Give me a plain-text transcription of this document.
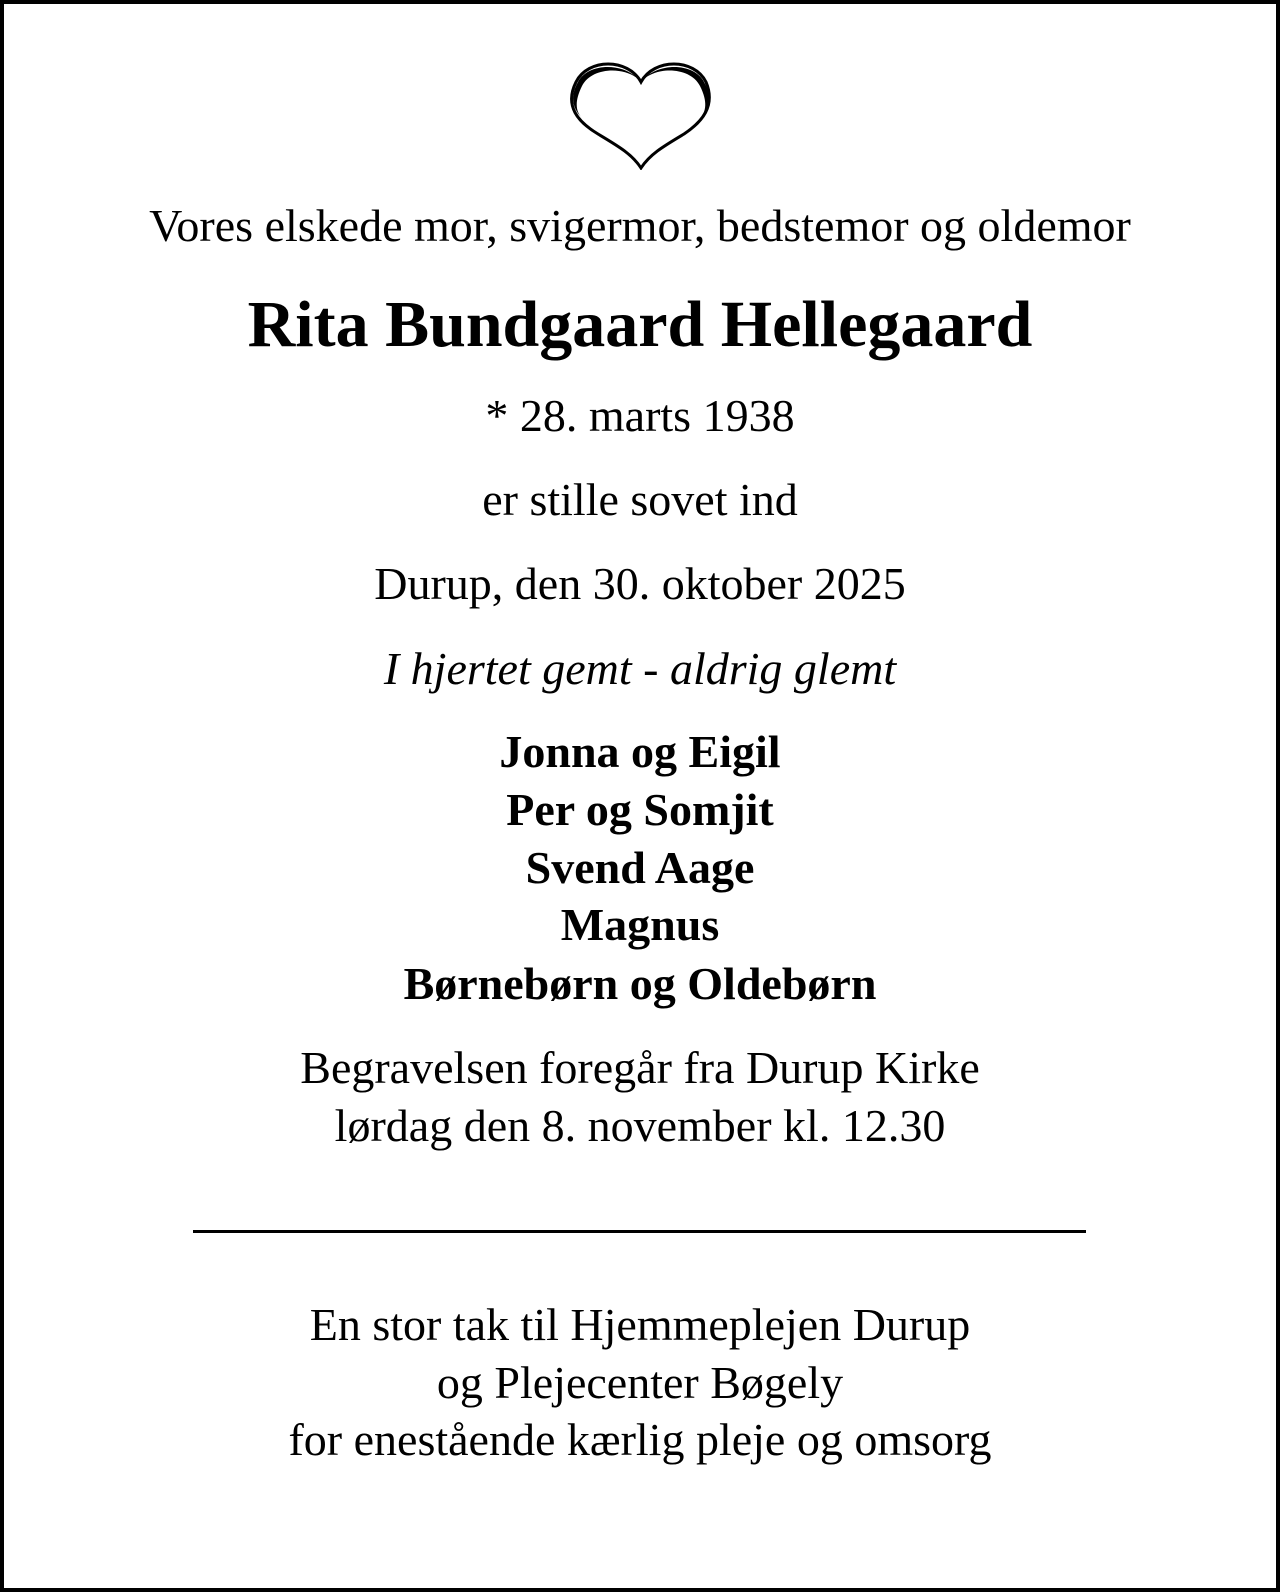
Vores elskede mor, svigermor, bedstemor og oldemor
Rita Bundgaard Hellegaard
* 28. marts 1938
er stille sovet ind
Durup, den 30. oktober 2025
I hjertet gemt - aldrig glemt
Jonna og Eigil
Per og Somjit
Svend Aage
Magnus
Børnebørn og Oldebørn
Begravelsen foregår fra Durup Kirke
lørdag den 8. november kl. 12.30
En stor tak til Hjemmeplejen Durup
og Plejecenter Bøgely
for enestående kærlig pleje og omsorg
